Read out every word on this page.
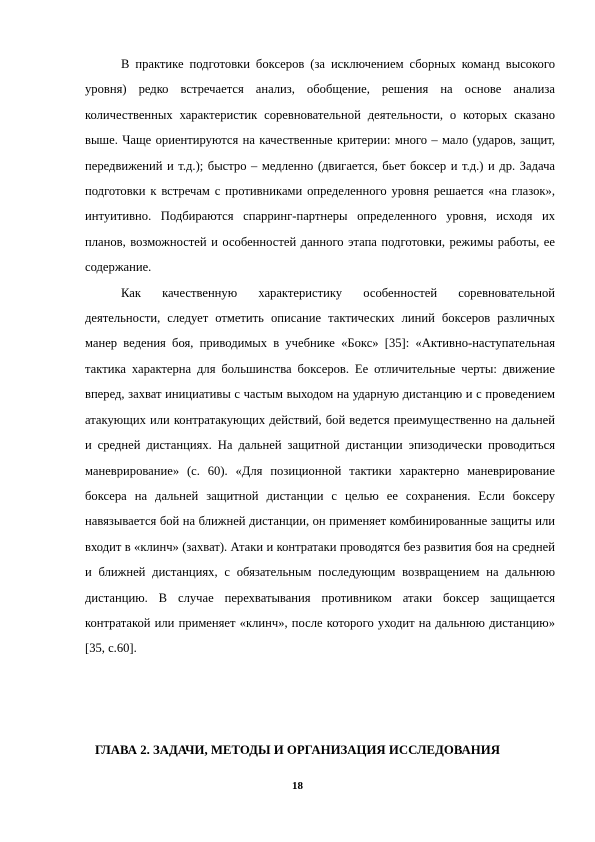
В практике подготовки боксеров (за исключением сборных команд высокого уровня) редко встречается анализ, обобщение, решения на основе анализа количественных характеристик соревновательной деятельности, о которых сказано выше. Чаще ориентируются на качественные критерии: много – мало (ударов, защит, передвижений и т.д.); быстро – медленно (двигается, бьет боксер и т.д.) и др. Задача подготовки к встречам с противниками определенного уровня решается «на глазок», интуитивно. Подбираются спарринг-партнеры определенного уровня, исходя их планов, возможностей и особенностей данного этапа подготовки, режимы работы, ее содержание.

Как качественную характеристику особенностей соревновательной деятельности, следует отметить описание тактических линий боксеров различных манер ведения боя, приводимых в учебнике «Бокс» [35]: «Активно-наступательная тактика характерна для большинства боксеров. Ее отличительные черты: движение вперед, захват инициативы с частым выходом на ударную дистанцию и с проведением атакующих или контратакующих действий, бой ведется преимущественно на дальней и средней дистанциях. На дальней защитной дистанции эпизодически проводиться маневрирование» (с. 60). «Для позиционной тактики характерно маневрирование боксера на дальней защитной дистанции с целью ее сохранения. Если боксеру навязывается бой на ближней дистанции, он применяет комбинированные защиты или входит в «клинч» (захват). Атаки и контратаки проводятся без развития боя на средней и ближней дистанциях, с обязательным последующим возвращением на дальнюю дистанцию. В случае перехватывания противником атаки боксер защищается контратакой или применяет «клинч», после которого уходит на дальнюю дистанцию» [35, с.60].

ГЛАВА 2. ЗАДАЧИ, МЕТОДЫ И ОРГАНИЗАЦИЯ ИССЛЕДОВАНИЯ
18
